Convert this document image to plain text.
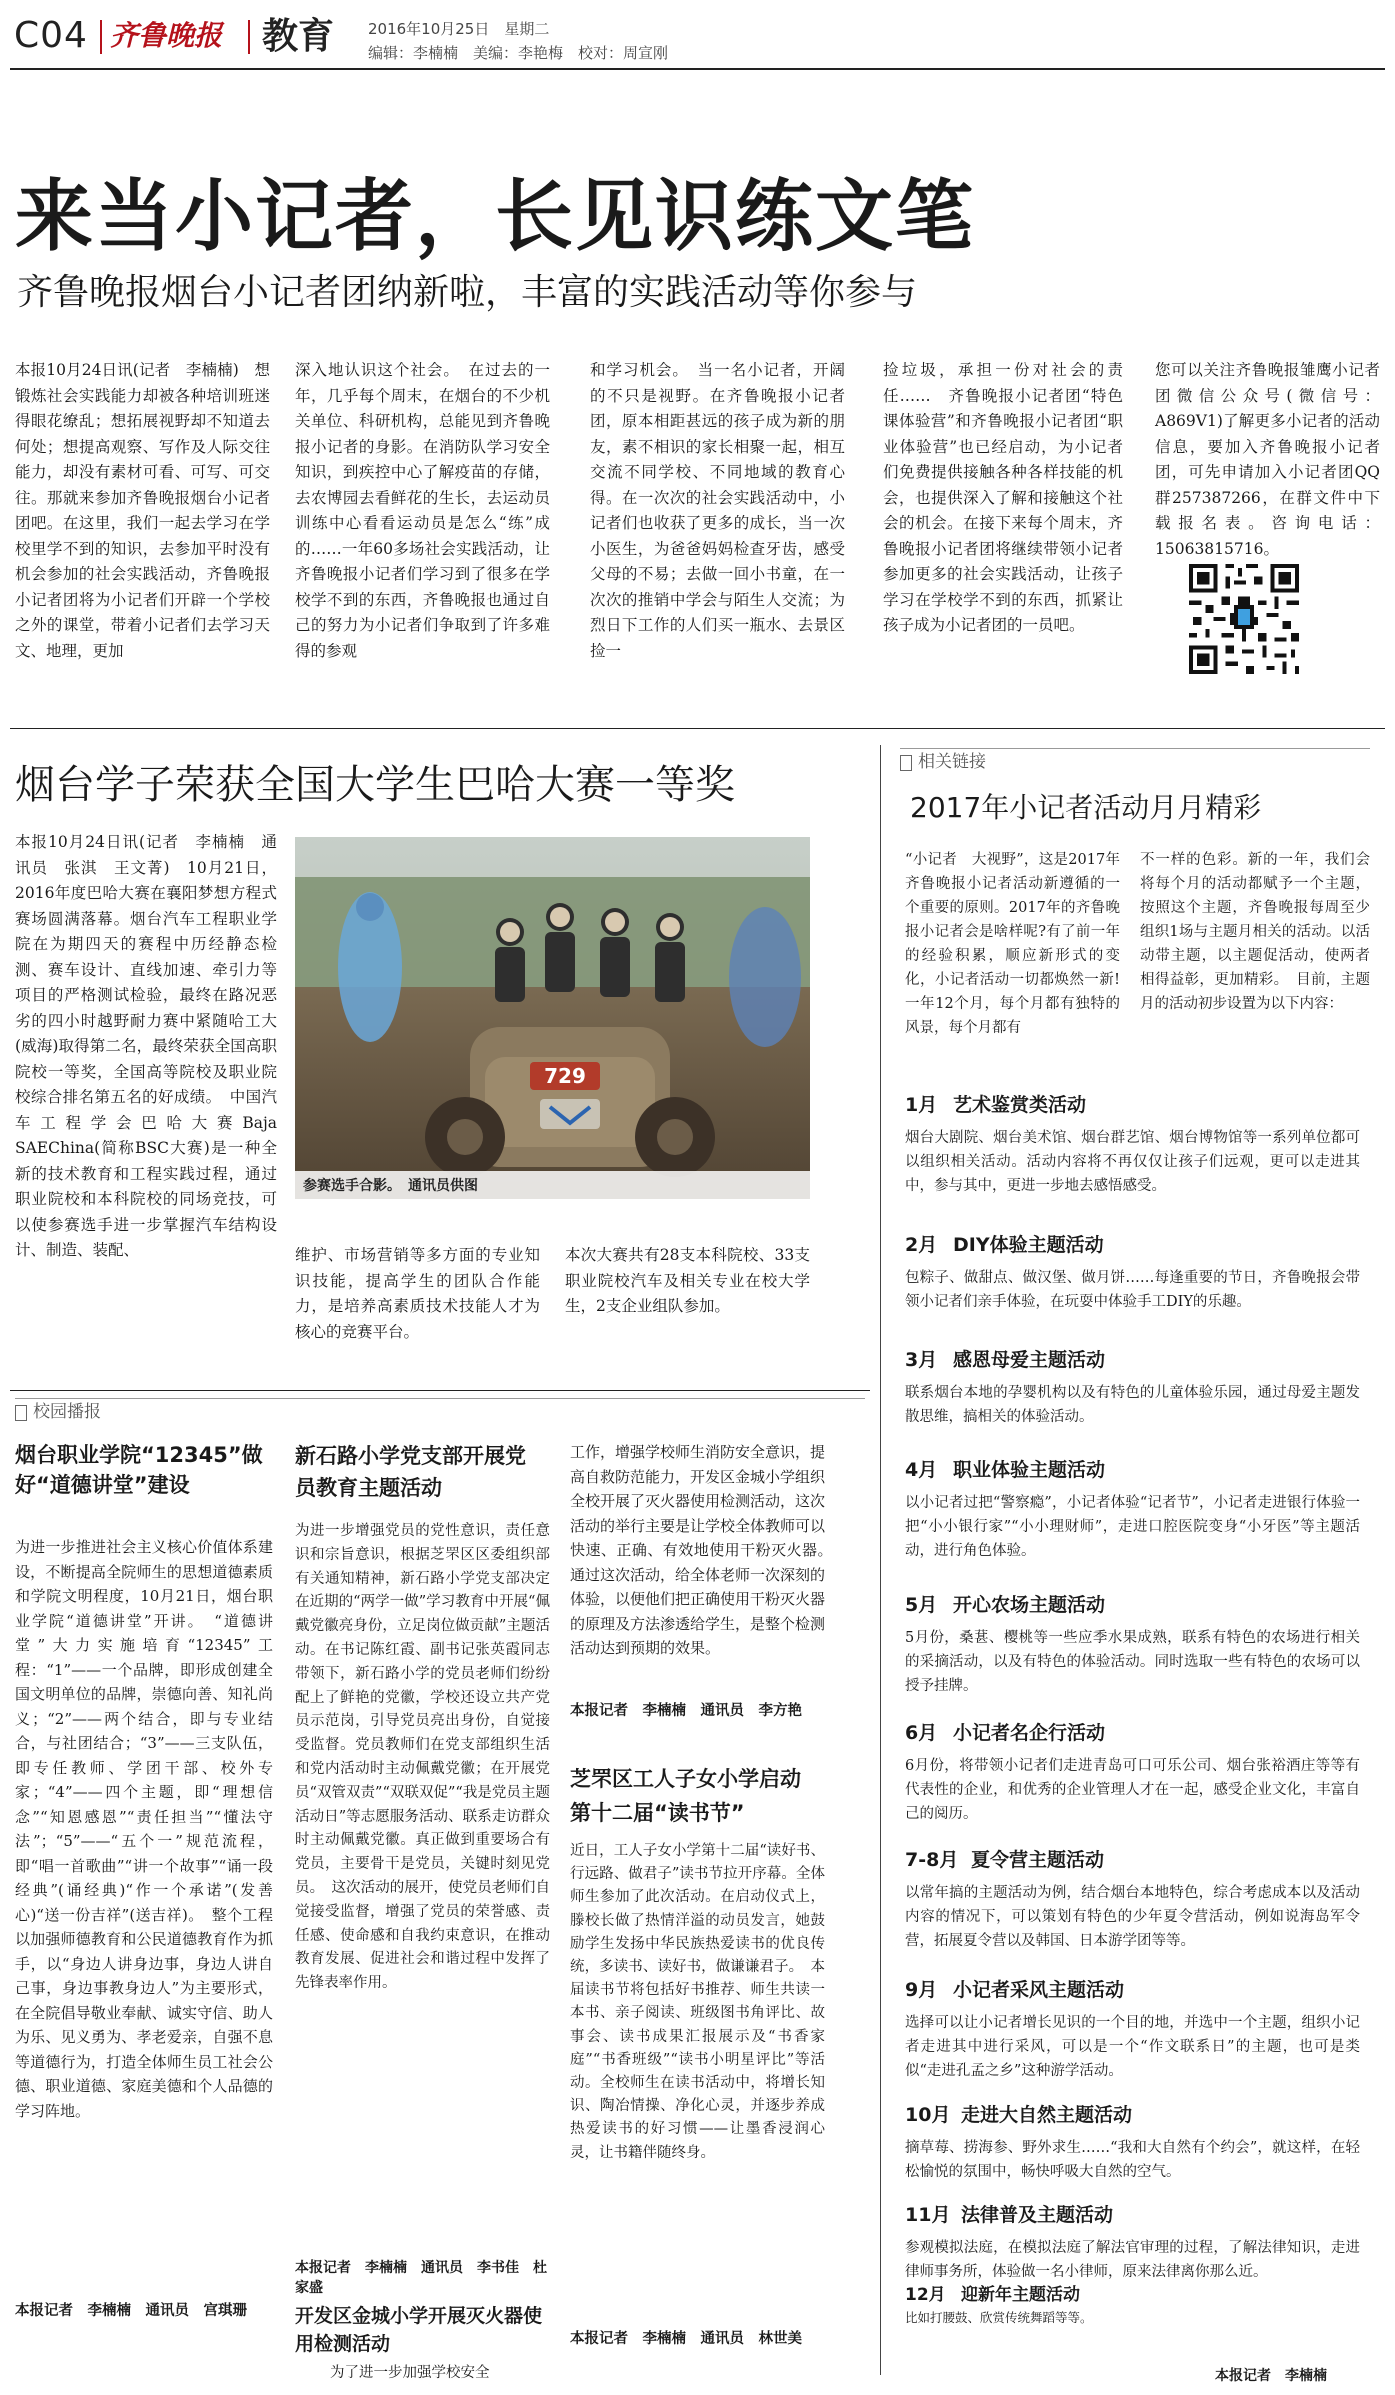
C04 齐鲁晚报 教育 2016年10月25日　星期二
编辑：李楠楠　美编：李艳梅　校对：周宣刚
来当小记者，长见识练文笔
齐鲁晚报烟台小记者团纳新啦，丰富的实践活动等你参与

本报10月24日讯(记者　李楠楠)　想锻炼社会实践能力却被各种培训班迷得眼花缭乱；想拓展视野却不知道去何处；想提高观察、写作及人际交往能力，却没有素材可看、可写、可交往。那就来参加齐鲁晚报烟台小记者团吧。在这里，我们一起去学习在学校里学不到的知识，去参加平时没有机会参加的社会实践活动，齐鲁晚报小记者团将为小记者们开辟一个学校之外的课堂，带着小记者们去学习天文、地理，更加

深入地认识这个社会。　在过去的一年，几乎每个周末，在烟台的不少机关单位、科研机构，总能见到齐鲁晚报小记者的身影。在消防队学习安全知识，到疾控中心了解疫苗的存储，去农博园去看鲜花的生长，去运动员训练中心看看运动员是怎么“练”成的……一年60多场社会实践活动，让齐鲁晚报小记者们学习到了很多在学校学不到的东西，齐鲁晚报也通过自己的努力为小记者们争取到了许多难得的参观

和学习机会。　当一名小记者，开阔的不只是视野。在齐鲁晚报小记者团，原本相距甚远的孩子成为新的朋友，素不相识的家长相聚一起，相互交流不同学校、不同地域的教育心得。在一次次的社会实践活动中，小记者们也收获了更多的成长，当一次小医生，为爸爸妈妈检查牙齿，感受父母的不易；去做一回小书童，在一次次的推销中学会与陌生人交流；为烈日下工作的人们买一瓶水、去景区捡一

捡垃圾，承担一份对社会的责任……　齐鲁晚报小记者团“特色课体验营”和齐鲁晚报小记者团“职业体验营”也已经启动，为小记者们免费提供接触各种各样技能的机会，也提供深入了解和接触这个社会的机会。在接下来每个周末，齐鲁晚报小记者团将继续带领小记者参加更多的社会实践活动，让孩子学习在学校学不到的东西，抓紧让孩子成为小记者团的一员吧。

您可以关注齐鲁晚报雏鹰小记者团微信公众号(微信号：A869V1)了解更多小记者的活动信息，要加入齐鲁晚报小记者团，可先申请加入小记者团QQ群257387266，在群文件中下载报名表。咨询电话：15063815716。

烟台学子荣获全国大学生巴哈大赛一等奖

本报10月24日讯(记者　李楠楠　通讯员　张淇　王文菁)　10月21日，2016年度巴哈大赛在襄阳梦想方程式赛场圆满落幕。烟台汽车工程职业学院在为期四天的赛程中历经静态检测、赛车设计、直线加速、牵引力等项目的严格测试检验，最终在路况恶劣的四小时越野耐力赛中紧随哈工大(威海)取得第二名，最终荣获全国高职院校一等奖，全国高等院校及职业院校综合排名第五名的好成绩。　中国汽车工程学会巴哈大赛Baja SAEChina(简称BSC大赛)是一种全新的技术教育和工程实践过程，通过职业院校和本科院校的同场竞技，可以使参赛选手进一步掌握汽车结构设计、制造、装配、

729
参赛选手合影。　通讯员供图

维护、市场营销等多方面的专业知识技能，提高学生的团队合作能力，是培养高素质技术技能人才为核心的竞赛平台。

本次大赛共有28支本科院校、33支职业院校汽车及相关专业在校大学生，2支企业组队参加。

相关链接
2017年小记者活动月月精彩

“小记者　大视野”，这是2017年齐鲁晚报小记者活动新遵循的一个重要的原则。2017年的齐鲁晚报小记者会是啥样呢?有了前一年的经验积累，顺应新形式的变化，小记者活动一切都焕然一新!　一年12个月，每个月都有独特的风景，每个月都有

不一样的色彩。新的一年，我们会将每个月的活动都赋予一个主题，按照这个主题，齐鲁晚报每周至少组织1场与主题月相关的活动。以活动带主题，以主题促活动，使两者相得益彰，更加精彩。　目前，主题月的活动初步设置为以下内容：

1月 艺术鉴赏类活动
烟台大剧院、烟台美术馆、烟台群艺馆、烟台博物馆等一系列单位都可以组织相关活动。活动内容将不再仅仅让孩子们远观，更可以走进其中，参与其中，更进一步地去感悟感受。
2月 DIY体验主题活动
包粽子、做甜点、做汉堡、做月饼……每逢重要的节日，齐鲁晚报会带领小记者们亲手体验，在玩耍中体验手工DIY的乐趣。
3月 感恩母爱主题活动
联系烟台本地的孕婴机构以及有特色的儿童体验乐园，通过母爱主题发散思维，搞相关的体验活动。
4月 职业体验主题活动
以小记者过把“警察瘾”，小记者体验“记者节”，小记者走进银行体验一把“小小银行家”“小小理财师”，走进口腔医院变身“小牙医”等主题活动，进行角色体验。
5月 开心农场主题活动
5月份，桑葚、樱桃等一些应季水果成熟，联系有特色的农场进行相关的采摘活动，以及有特色的体验活动。同时选取一些有特色的农场可以授予挂牌。
6月 小记者名企行活动
6月份，将带领小记者们走进青岛可口可乐公司、烟台张裕酒庄等等有代表性的企业，和优秀的企业管理人才在一起，感受企业文化，丰富自己的阅历。
7-8月 夏令营主题活动
以常年搞的主题活动为例，结合烟台本地特色，综合考虑成本以及活动内容的情况下，可以策划有特色的少年夏令营活动，例如说海岛军令营，拓展夏令营以及韩国、日本游学团等等。
9月 小记者采风主题活动
选择可以让小记者增长见识的一个目的地，并选中一个主题，组织小记者走进其中进行采风，可以是一个“作文联系日”的主题，也可是类似“走进孔孟之乡”这种游学活动。
10月 走进大自然主题活动
摘草莓、捞海参、野外求生……“我和大自然有个约会”，就这样，在轻松愉悦的氛围中，畅快呼吸大自然的空气。
11月 法律普及主题活动
参观模拟法庭，在模拟法庭了解法官审理的过程，了解法律知识，走进律师事务所，体验做一名小律师，原来法律离你那么近。
12月 迎新年主题活动
比如打腰鼓、欣赏传统舞蹈等等。
本报记者　李楠楠
校园播报
烟台职业学院“12345”做好“道德讲堂”建设

为进一步推进社会主义核心价值体系建设，不断提高全院师生的思想道德素质和学院文明程度，10月21日，烟台职业学院“道德讲堂”开讲。　“道德讲堂”大力实施培育“12345”工程：“1”——一个品牌，即形成创建全国文明单位的品牌，崇德向善、知礼尚义；“2”——两个结合，即与专业结合，与社团结合；“3”——三支队伍，即专任教师、学团干部、校外专家；“4”——四个主题，即“理想信念”“知恩感恩”“责任担当”“懂法守法”；“5”——“五个一”规范流程，即“唱一首歌曲”“讲一个故事”“诵一段经典”(诵经典)“作一个承诺”(发善心)“送一份吉祥”(送吉祥)。　整个工程以加强师德教育和公民道德教育作为抓手，以“身边人讲身边事，身边人讲自己事，身边事教身边人”为主要形式，在全院倡导敬业奉献、诚实守信、助人为乐、见义勇为、孝老爱亲，自强不息等道德行为，打造全体师生员工社会公德、职业道德、家庭美德和个人品德的学习阵地。

本报记者　李楠楠　通讯员　宫琪珊
新石路小学党支部开展党员教育主题活动

为进一步增强党员的党性意识，责任意识和宗旨意识，根据芝罘区区委组织部有关通知精神，新石路小学党支部决定在近期的“两学一做”学习教育中开展“佩戴党徽亮身份，立足岗位做贡献”主题活动。在书记陈红霞、副书记张英霞同志带领下，新石路小学的党员老师们纷纷配上了鲜艳的党徽，学校还设立共产党员示范岗，引导党员亮出身份，自觉接受监督。党员教师们在党支部组织生活和党内活动时主动佩戴党徽；在开展党员“双管双责”“双联双促”“我是党员主题活动日”等志愿服务活动、联系走访群众时主动佩戴党徽。真正做到重要场合有党员，主要骨干是党员，关键时刻见党员。　这次活动的展开，使党员老师们自觉接受监督，增强了党员的荣誉感、责任感、使命感和自我约束意识，在推动教育发展、促进社会和谐过程中发挥了先锋表率作用。

本报记者　李楠楠　通讯员　李书佳　杜家盛
开发区金城小学开展灭火器使用检测活动
为了进一步加强学校安全

工作，增强学校师生消防安全意识，提高自救防范能力，开发区金城小学组织全校开展了灭火器使用检测活动，这次活动的举行主要是让学校全体教师可以快速、正确、有效地使用干粉灭火器。　通过这次活动，给全体老师一次深刻的体验，以便他们把正确使用干粉灭火器的原理及方法渗透给学生，是整个检测活动达到预期的效果。

本报记者　李楠楠　通讯员　李方艳
芝罘区工人子女小学启动第十二届“读书节”

近日，工人子女小学第十二届“读好书、行远路、做君子”读书节拉开序幕。全体师生参加了此次活动。在启动仪式上，滕校长做了热情洋溢的动员发言，她鼓励学生发扬中华民族热爱读书的优良传统，多读书、读好书，做谦谦君子。　本届读书节将包括好书推荐、师生共读一本书、亲子阅读、班级图书角评比、故事会、读书成果汇报展示及“书香家庭”“书香班级”“读书小明星评比”等活动。全校师生在读书活动中，将增长知识、陶冶情操、净化心灵，并逐步养成热爱读书的好习惯——让墨香浸润心灵，让书籍伴随终身。

本报记者　李楠楠　通讯员　林世美
